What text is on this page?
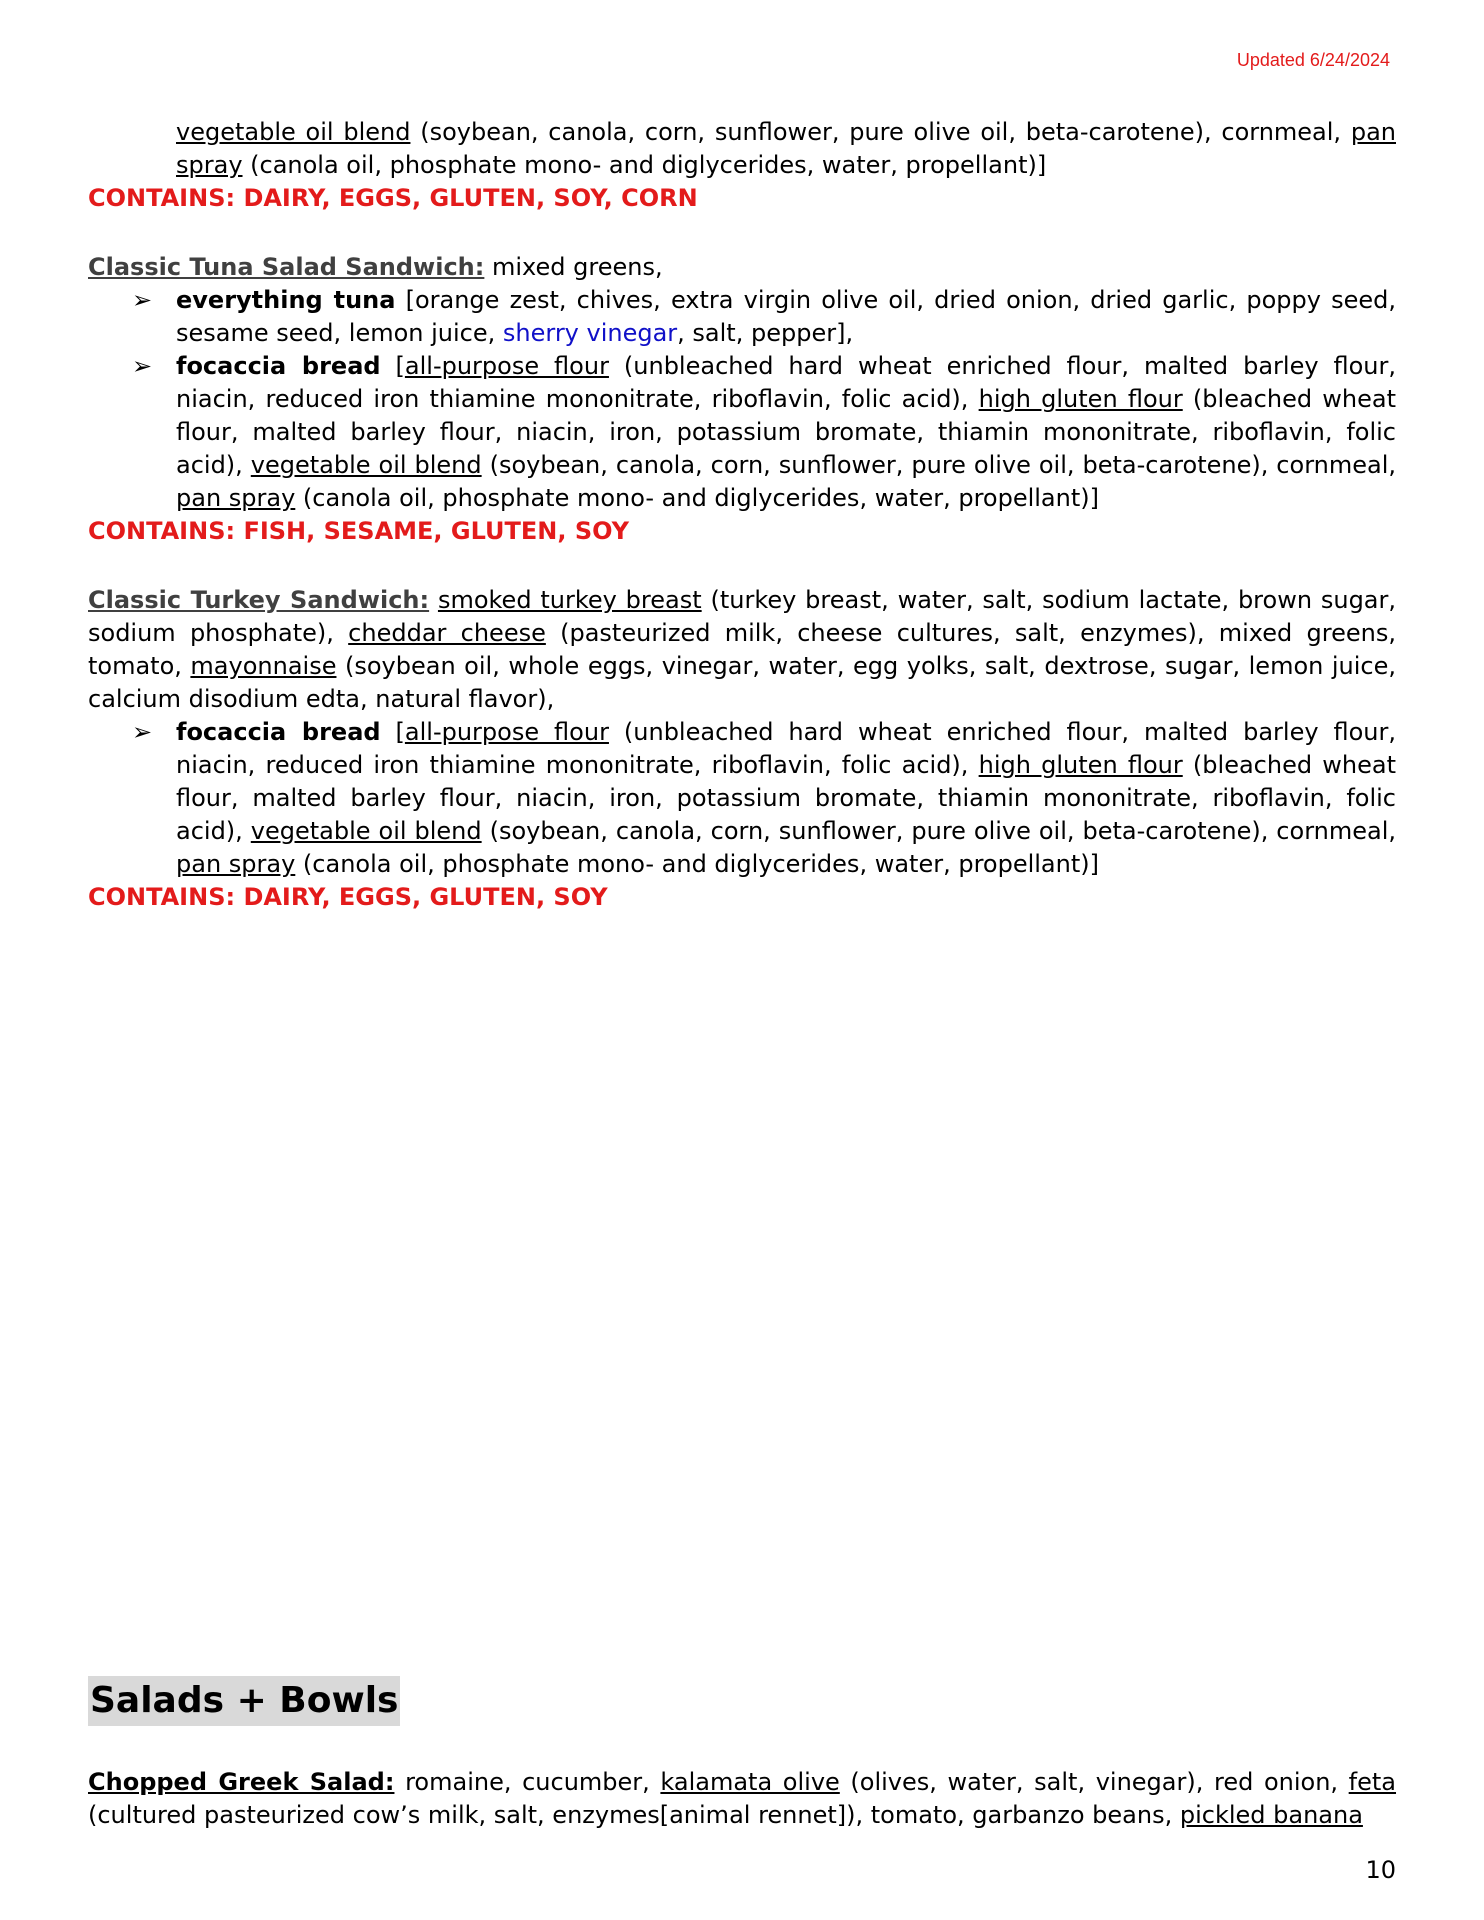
Updated 6/24/2024
vegetable oil blend (soybean, canola, corn, sunflower, pure olive oil, beta-carotene), cornmeal, pan spray (canola oil, phosphate mono- and diglycerides, water, propellant)]

CONTAINS: DAIRY, EGGS, GLUTEN, SOY, CORN

Classic Tuna Salad Sandwich: mixed greens,
➢ everything tuna [orange zest, chives, extra virgin olive oil, dried onion, dried garlic, poppy seed, sesame seed, lemon juice, sherry vinegar, salt, pepper],
➢ focaccia bread [all-purpose flour (unbleached hard wheat enriched flour, malted barley flour, niacin, reduced iron thiamine mononitrate, riboflavin, folic acid), high gluten flour (bleached wheat flour, malted barley flour, niacin, iron, potassium bromate, thiamin mononitrate, riboflavin, folic acid), vegetable oil blend (soybean, canola, corn, sunflower, pure olive oil, beta-carotene), cornmeal, pan spray (canola oil, phosphate mono- and diglycerides, water, propellant)]

CONTAINS: FISH, SESAME, GLUTEN, SOY

Classic Turkey Sandwich: smoked turkey breast (turkey breast, water, salt, sodium lactate, brown sugar, sodium phosphate), cheddar cheese (pasteurized milk, cheese cultures, salt, enzymes), mixed greens, tomato, mayonnaise (soybean oil, whole eggs, vinegar, water, egg yolks, salt, dextrose, sugar, lemon juice, calcium disodium edta, natural flavor),
➢ focaccia bread [all-purpose flour (unbleached hard wheat enriched flour, malted barley flour, niacin, reduced iron thiamine mononitrate, riboflavin, folic acid), high gluten flour (bleached wheat flour, malted barley flour, niacin, iron, potassium bromate, thiamin mononitrate, riboflavin, folic acid), vegetable oil blend (soybean, canola, corn, sunflower, pure olive oil, beta-carotene), cornmeal, pan spray (canola oil, phosphate mono- and diglycerides, water, propellant)]

CONTAINS: DAIRY, EGGS, GLUTEN, SOY

Salads + Bowls
Chopped Greek Salad: romaine, cucumber, kalamata olive (olives, water, salt, vinegar), red onion, feta (cultured pasteurized cow’s milk, salt, enzymes[animal rennet]), tomato, garbanzo beans, pickled banana
10
